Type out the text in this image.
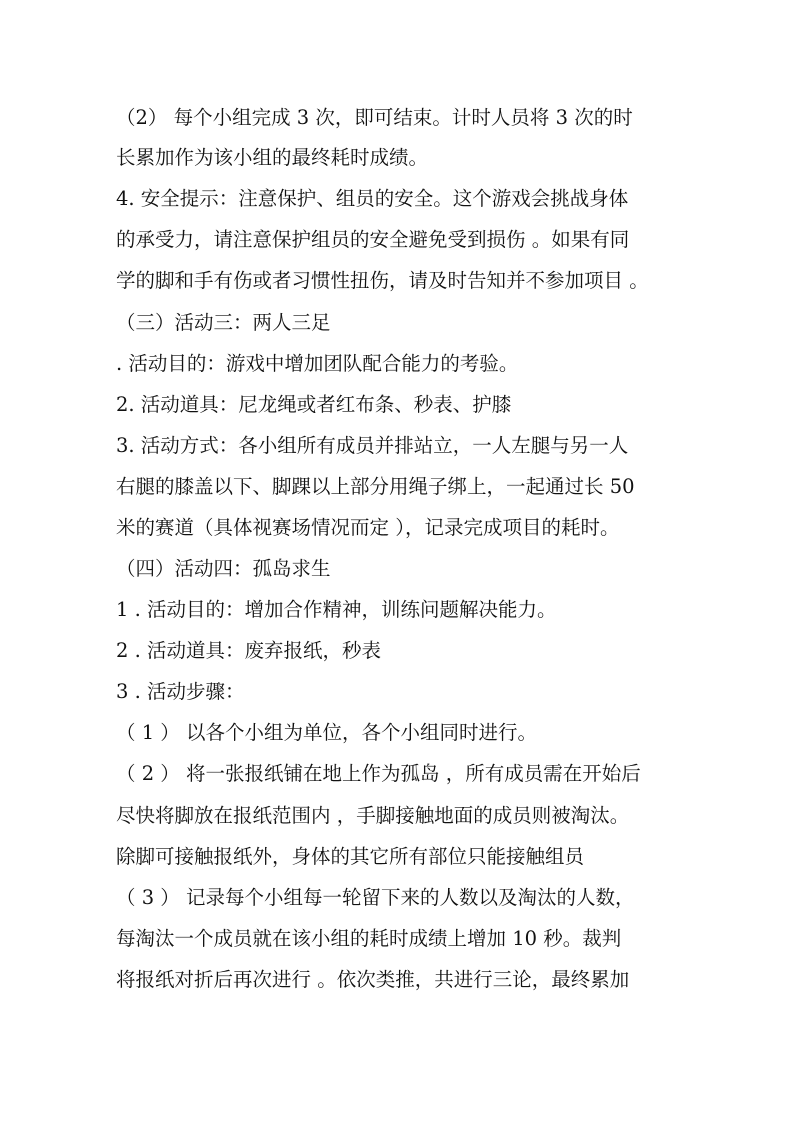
（2） 每个小组完成 3 次，即可结束。计时人员将 3 次的时
长累加作为该小组的最终耗时成绩。
4. 安全提示：注意保护、组员的安全。这个游戏会挑战身体
的承受力，请注意保护组员的安全避免受到损伤 。如果有同
学的脚和手有伤或者习惯性扭伤，请及时告知并不参加项目 。
（三）活动三：两人三足
. 活动目的：游戏中增加团队配合能力的考验。
2. 活动道具：尼龙绳或者红布条、秒表、护膝
3. 活动方式：各小组所有成员并排站立，一人左腿与另一人
右腿的膝盖以下、脚踝以上部分用绳子绑上，一起通过长 50
米的赛道（具体视赛场情况而定 ），记录完成项目的耗时。
（四）活动四：孤岛求生
1 . 活动目的：增加合作精神，训练问题解决能力。
2 . 活动道具：废弃报纸，秒表
3 . 活动步骤：
（ 1 ） 以各个小组为单位，各个小组同时进行。
（ 2 ） 将一张报纸铺在地上作为孤岛 ，所有成员需在开始后
尽快将脚放在报纸范围内 ，手脚接触地面的成员则被淘汰。
除脚可接触报纸外，身体的其它所有部位只能接触组员
（ 3 ） 记录每个小组每一轮留下来的人数以及淘汰的人数，
每淘汰一个成员就在该小组的耗时成绩上增加 10 秒。裁判
将报纸对折后再次进行 。依次类推，共进行三论，最终累加
